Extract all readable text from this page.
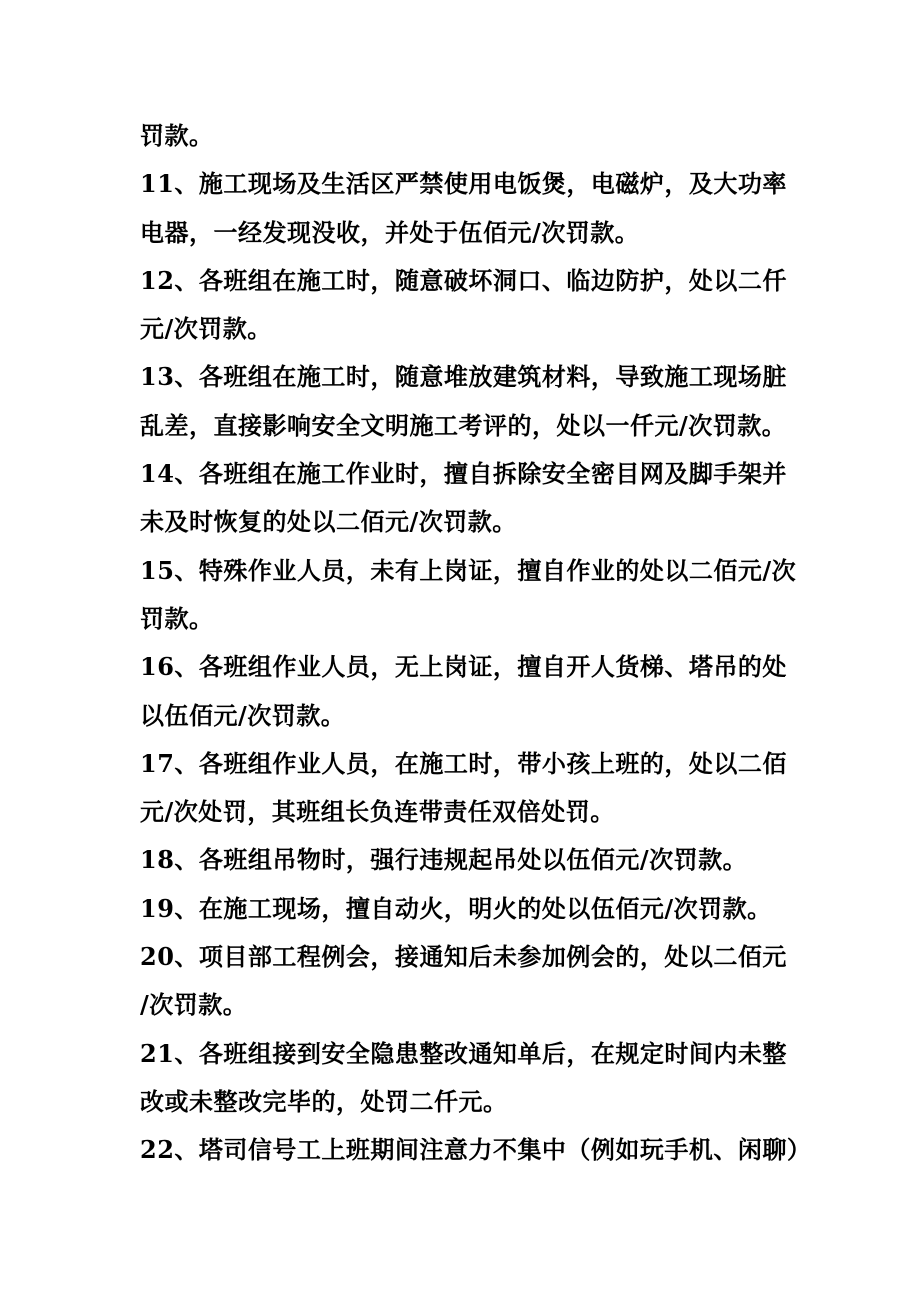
罚款。
11、施工现场及生活区严禁使用电饭煲，电磁炉，及大功率
电器，一经发现没收，并处于伍佰元/次罚款。
12、各班组在施工时，随意破坏洞口、临边防护，处以二仟
元/次罚款。
13、各班组在施工时，随意堆放建筑材料，导致施工现场脏
乱差，直接影响安全文明施工考评的，处以一仟元/次罚款。
14、各班组在施工作业时，擅自拆除安全密目网及脚手架并
未及时恢复的处以二佰元/次罚款。
15、特殊作业人员，未有上岗证，擅自作业的处以二佰元/次
罚款。
16、各班组作业人员，无上岗证，擅自开人货梯、塔吊的处
以伍佰元/次罚款。
17、各班组作业人员，在施工时，带小孩上班的，处以二佰
元/次处罚，其班组长负连带责任双倍处罚。
18、各班组吊物时，强行违规起吊处以伍佰元/次罚款。
19、在施工现场，擅自动火，明火的处以伍佰元/次罚款。
20、项目部工程例会，接通知后未参加例会的，处以二佰元
/次罚款。
21、各班组接到安全隐患整改通知单后，在规定时间内未整
改或未整改完毕的，处罚二仟元。
22、塔司信号工上班期间注意力不集中（例如玩手机、闲聊）
